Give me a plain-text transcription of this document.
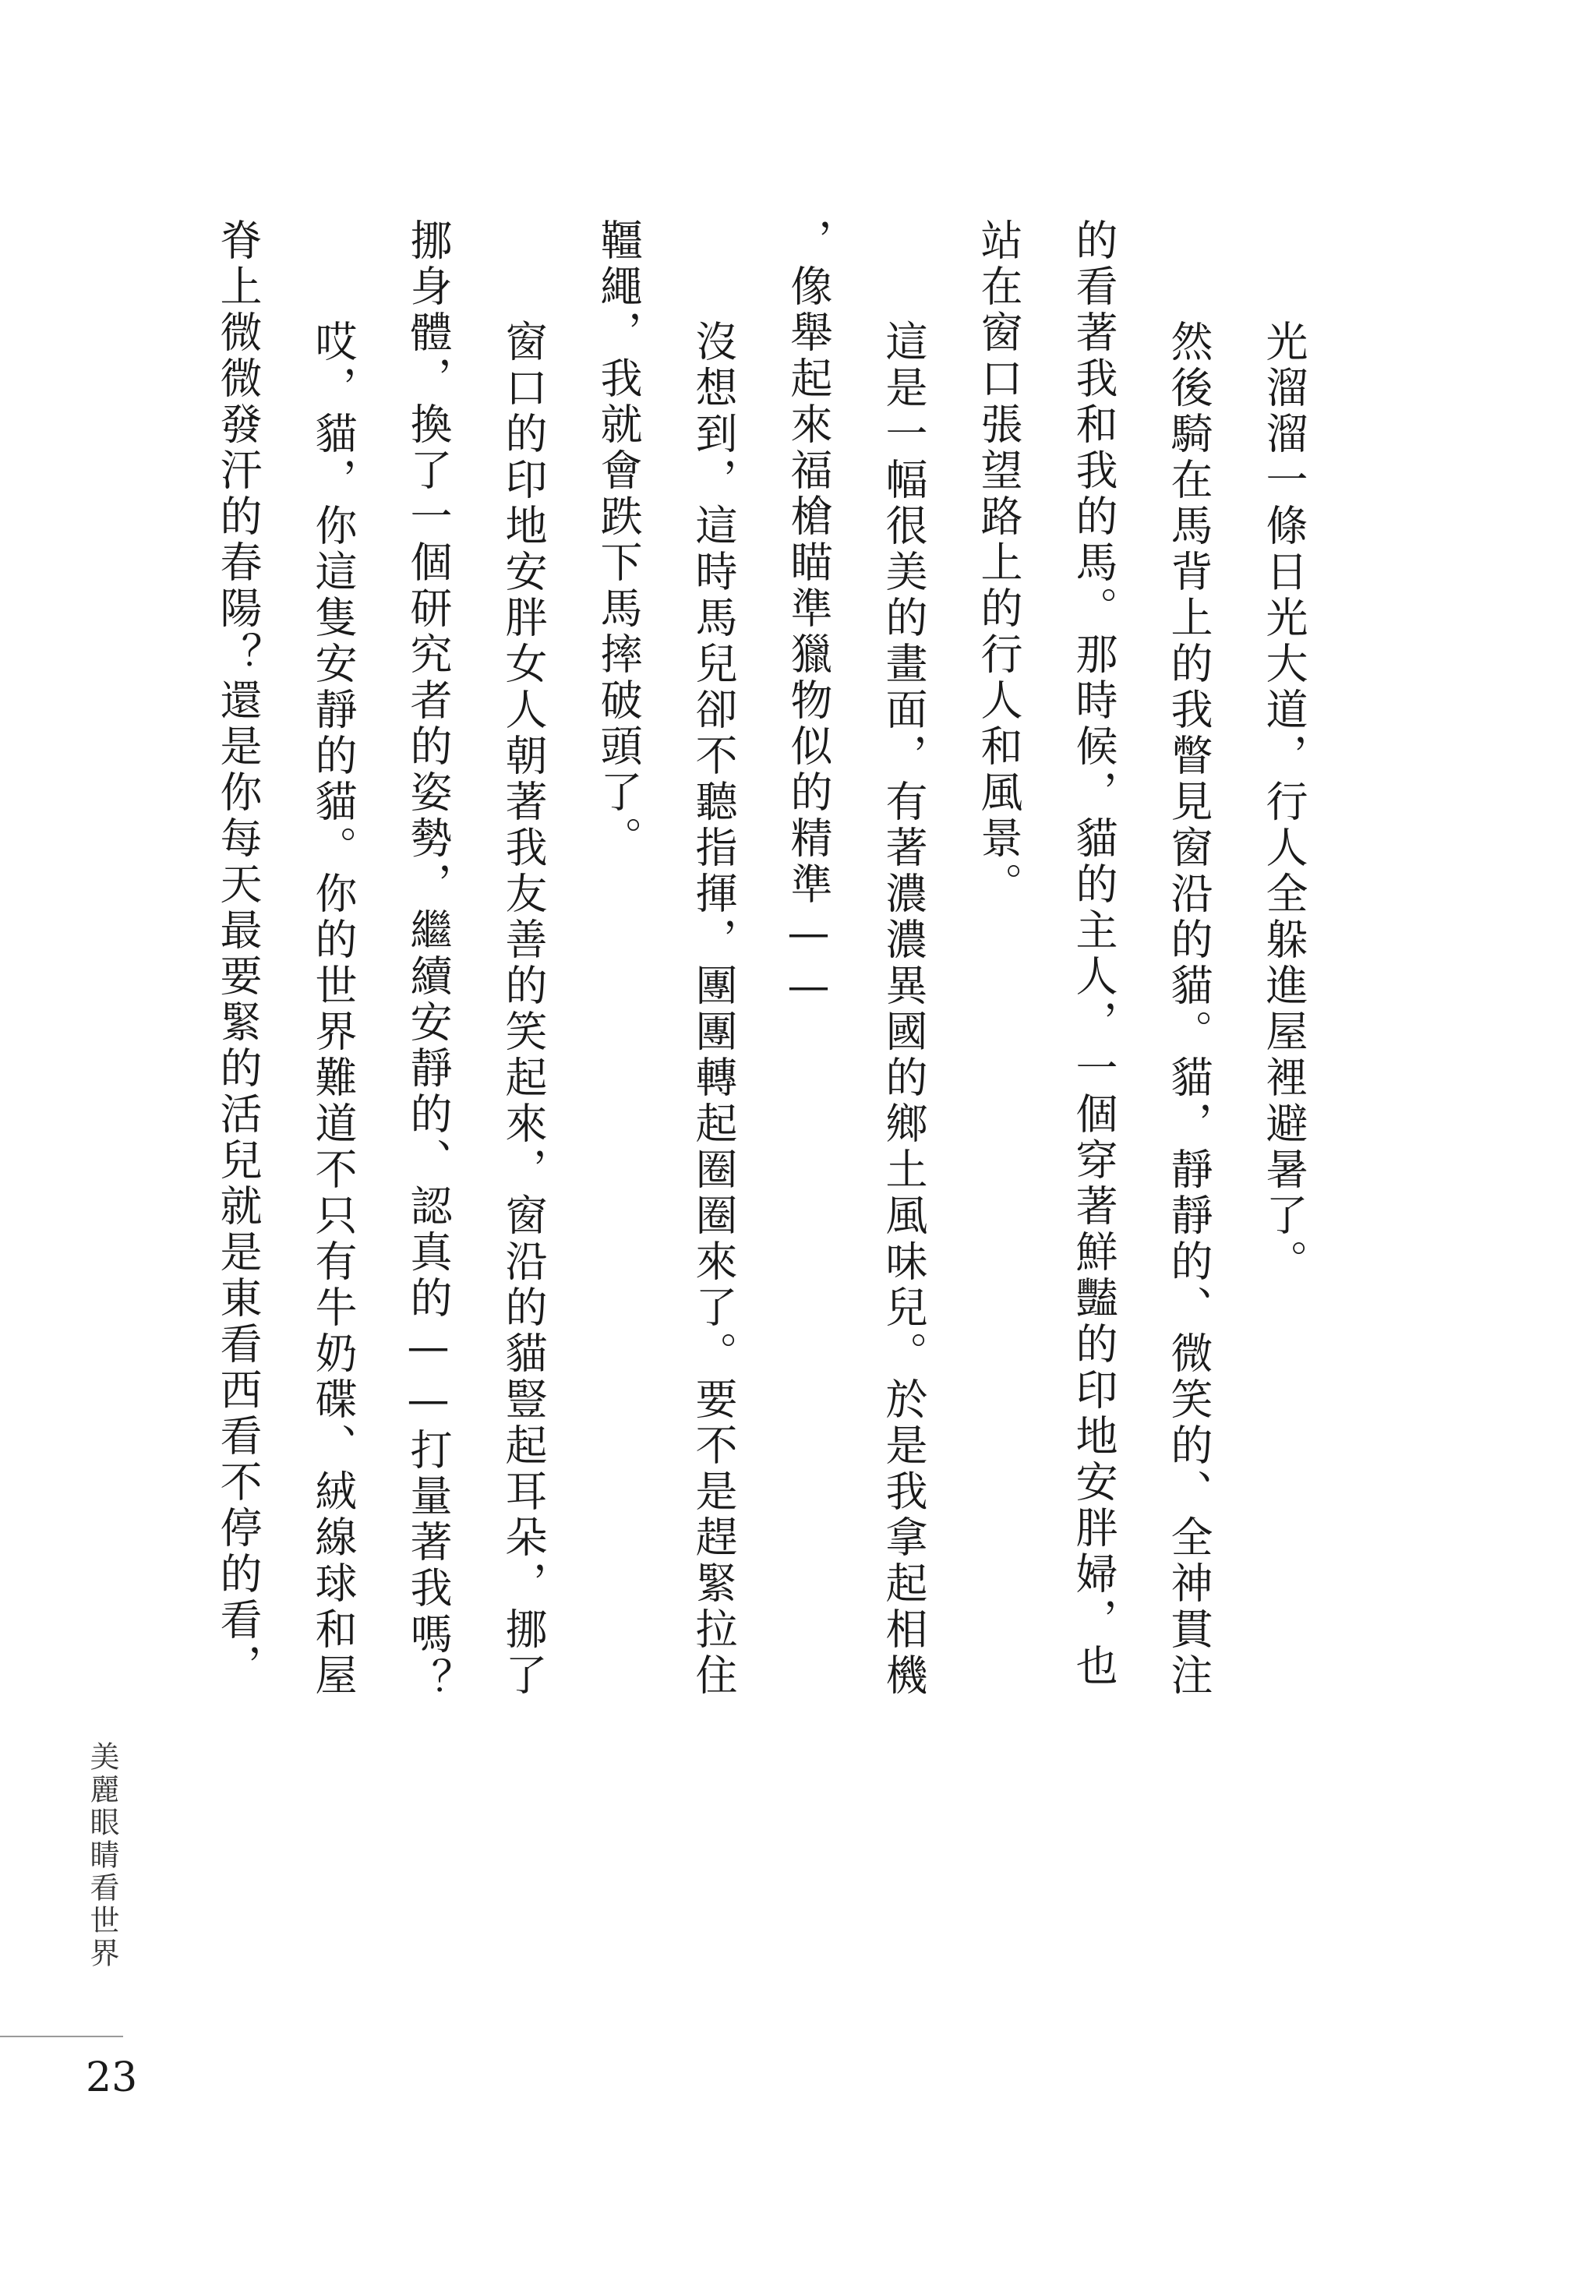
光溜溜一條日光大道，行人全躲進屋裡避暑了。
然後騎在馬背上的我瞥見窗沿的貓。貓，靜靜的、微笑的、全神貫注
的看著我和我的馬。那時候，貓的主人，一個穿著鮮豔的印地安胖婦，也
站在窗口張望路上的行人和風景。
這是一幅很美的畫面，有著濃濃異國的鄉土風味兒。於是我拿起相機
，像舉起來福槍瞄準獵物似的精準——
沒想到，這時馬兒卻不聽指揮，團團轉起圈圈來了。要不是趕緊拉住
韁繩，我就會跌下馬摔破頭了。
窗口的印地安胖女人朝著我友善的笑起來，窗沿的貓豎起耳朵，挪了
挪身體，換了一個研究者的姿勢，繼續安靜的、認真的——打量著我嗎？
哎，貓，你這隻安靜的貓。你的世界難道不只有牛奶碟、絨線球和屋
脊上微微發汗的春陽？還是你每天最要緊的活兒就是東看西看不停的看，
美麗眼睛看世界
23
